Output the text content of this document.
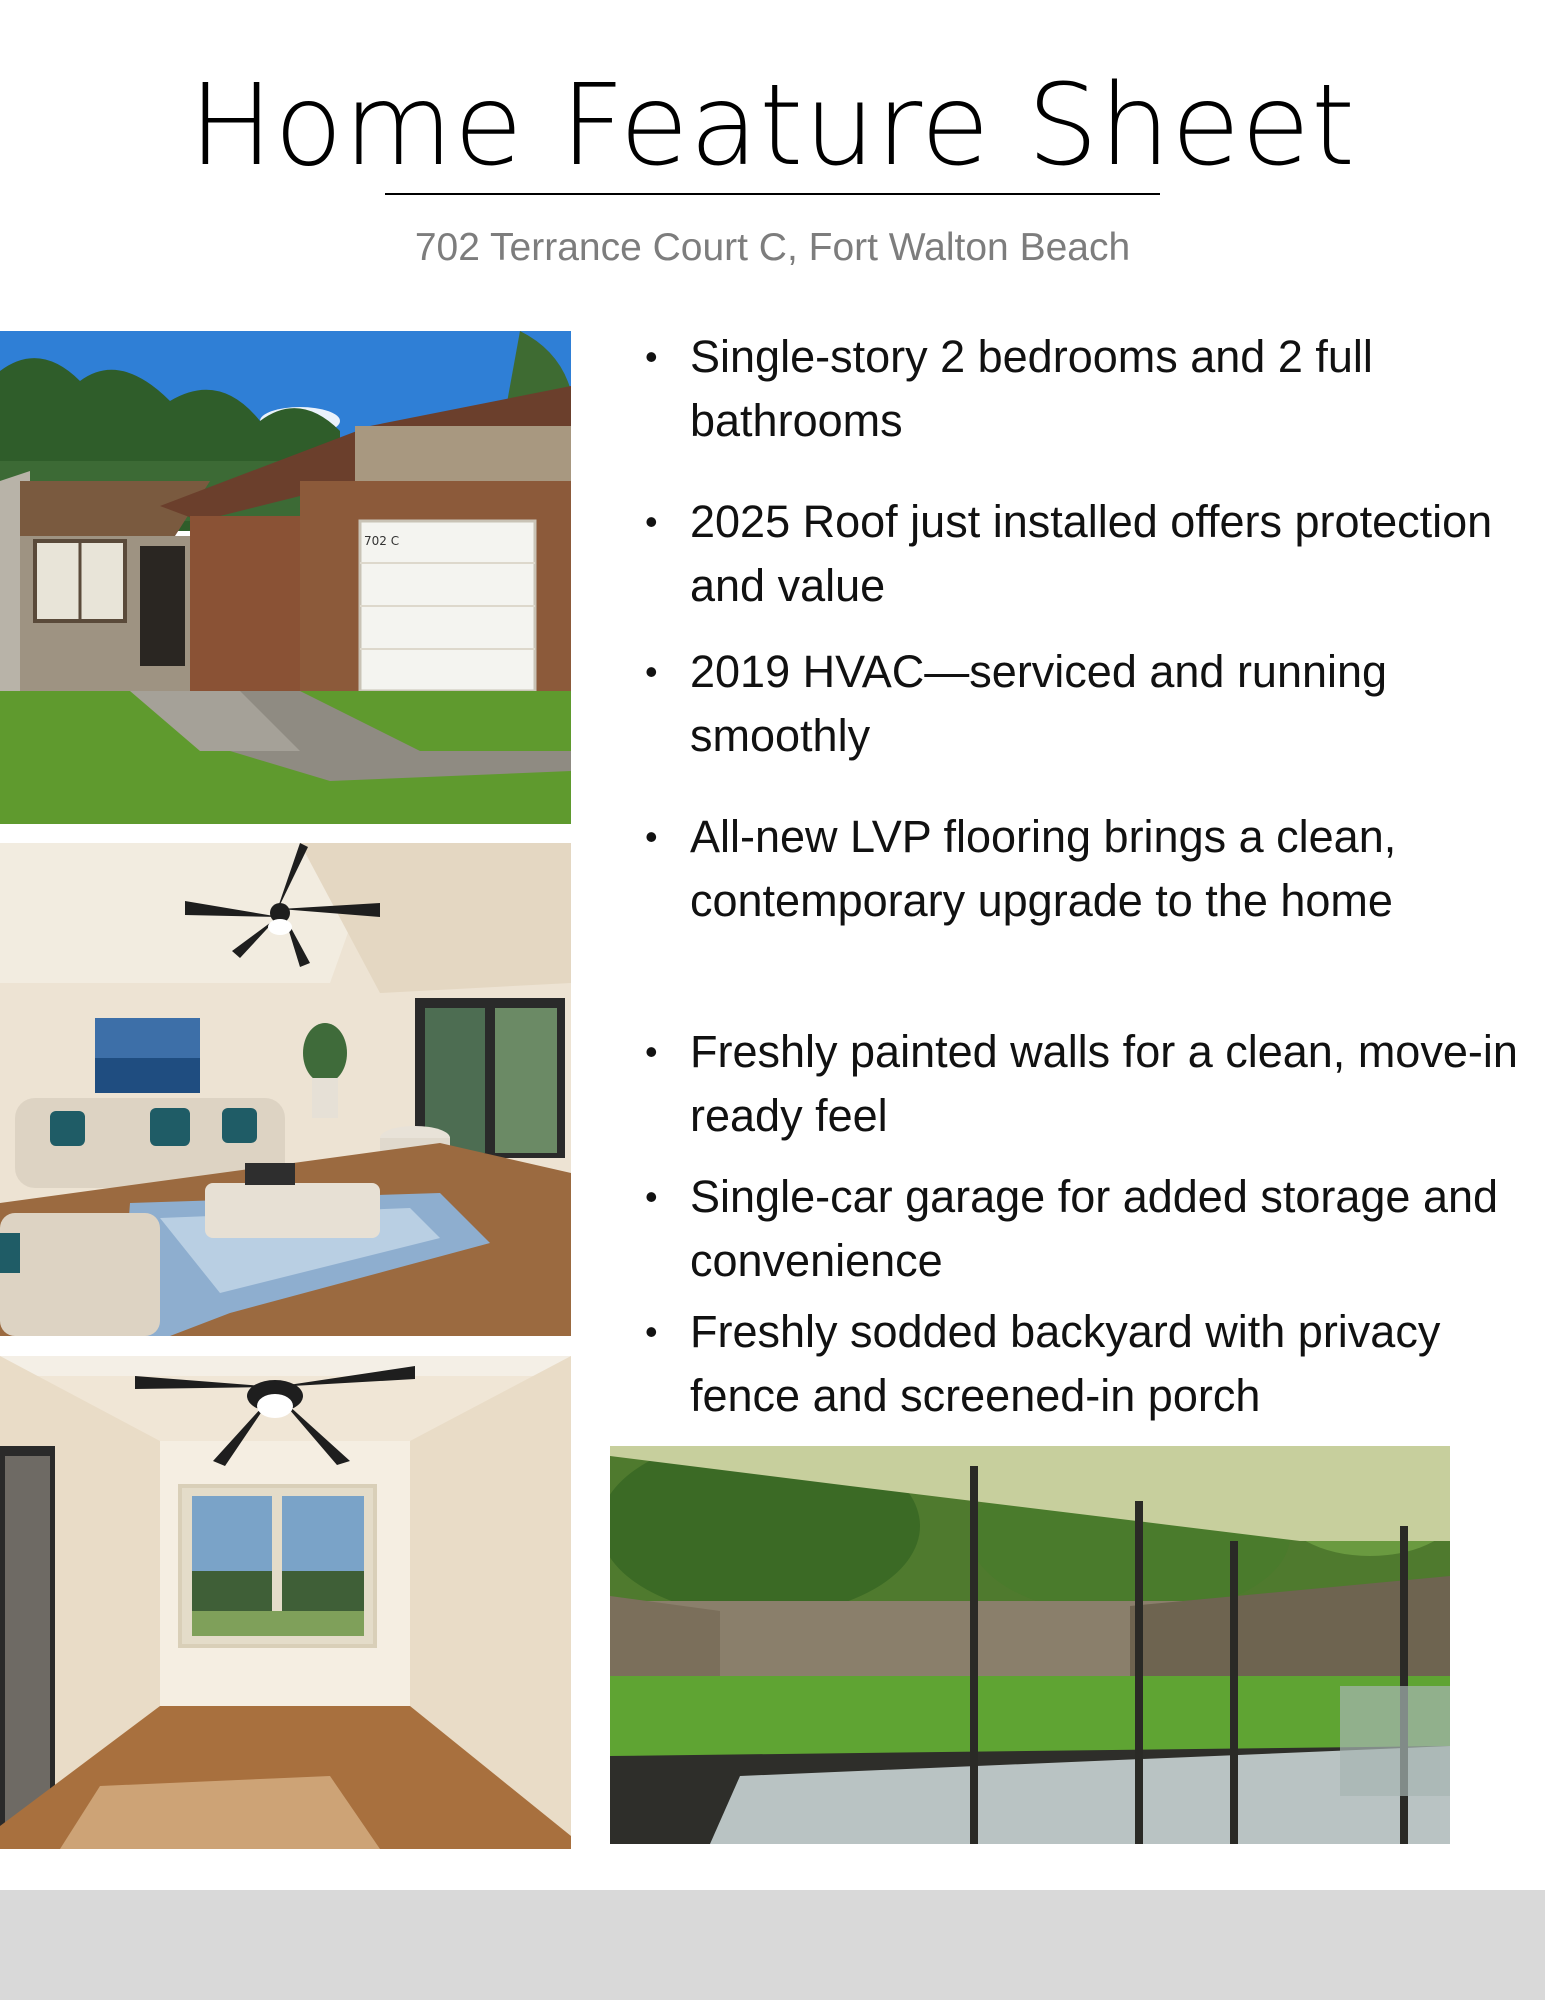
Home Feature Sheet
702 Terrance Court C, Fort Walton Beach
702 C
• Single-story 2 bedrooms and 2 full bathrooms
• 2025 Roof just installed offers protection and value
• 2019 HVAC—serviced and running smoothly
• All-new LVP flooring brings a clean, contemporary upgrade to the home
• Freshly painted walls for a clean, move-in ready feel
• Single-car garage for added storage and convenience
• Freshly sodded backyard with privacy fence and screened-in porch
